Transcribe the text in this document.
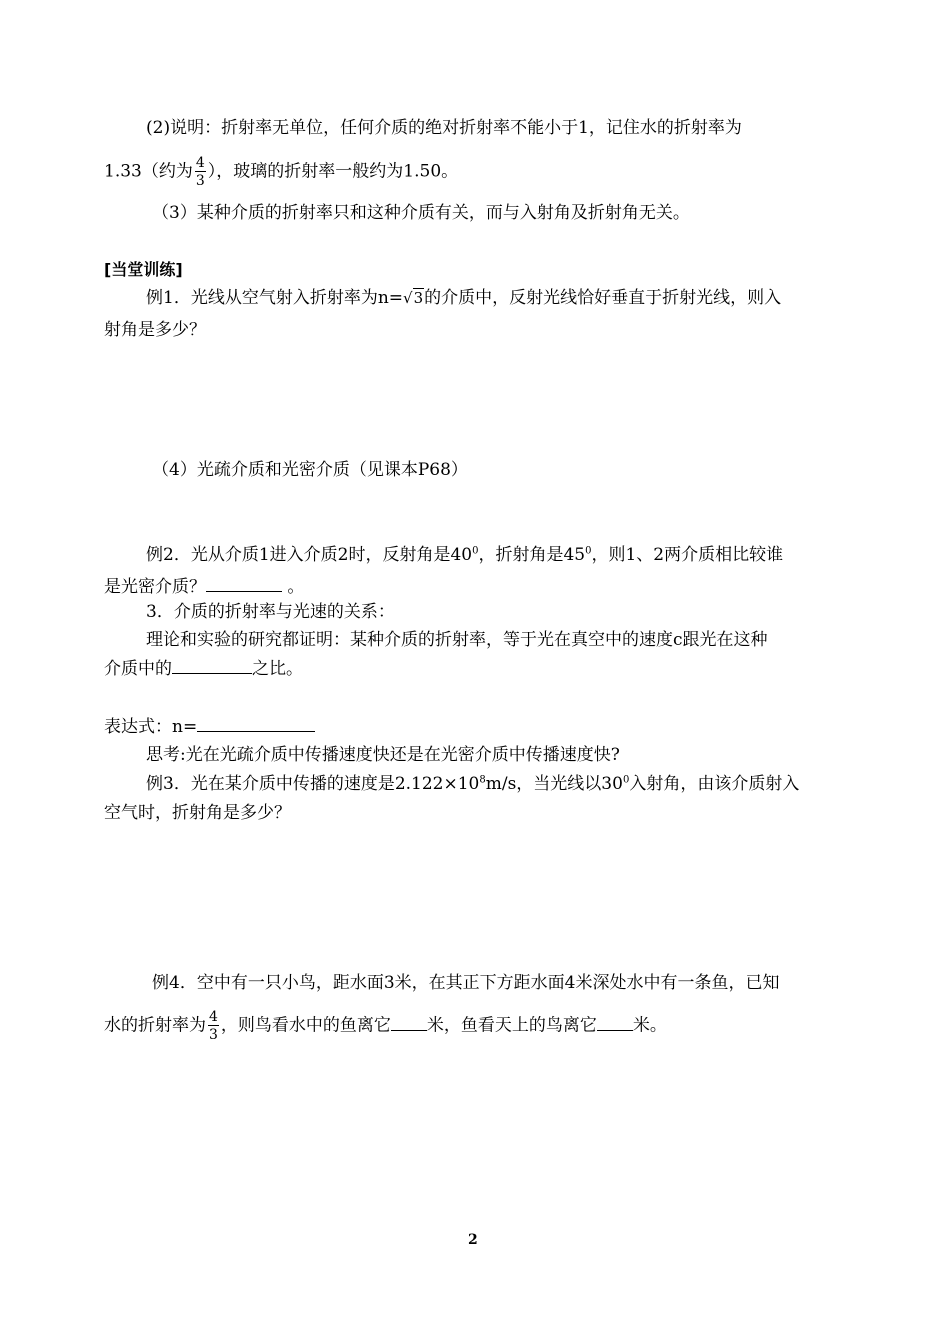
(2)说明：折射率无单位，任何介质的绝对折射率不能小于1，记住水的折射率为
1.33（约为 $\frac{4}{3}$ ），玻璃的折射率一般约为1.50。
（3）某种介质的折射率只和这种介质有关，而与入射角及折射角无关。
[当堂训练]
例1．光线从空气射入折射率为n=√3的介质中，反射光线恰好垂直于折射光线，则入
射角是多少？
（4）光疏介质和光密介质（见课本P68）
例2．光从介质1进入介质2时，反射角是$40^0$，折射角是$45^0$，则1、2两介质相比较谁
是光密介质？	。
3．介质的折射率与光速的关系：
理论和实验的研究都证明：某种介质的折射率，等于光在真空中的速度c跟光在这种
介质中的	之比。
表达式：n=
思考:光在光疏介质中传播速度快还是在光密介质中传播速度快?
例3．光在某介质中传播的速度是$2.122\times 10^8m/s$，当光线以$30^0$入射角，由该介质射入
空气时，折射角是多少？
例4．空中有一只小鸟，距水面3米，在其正下方距水面4米深处水中有一条鱼，已知
水的折射率为 $\frac{4}{3}$ ，则鸟看水中的鱼离它 米，鱼看天上的鸟离它 米。
2
